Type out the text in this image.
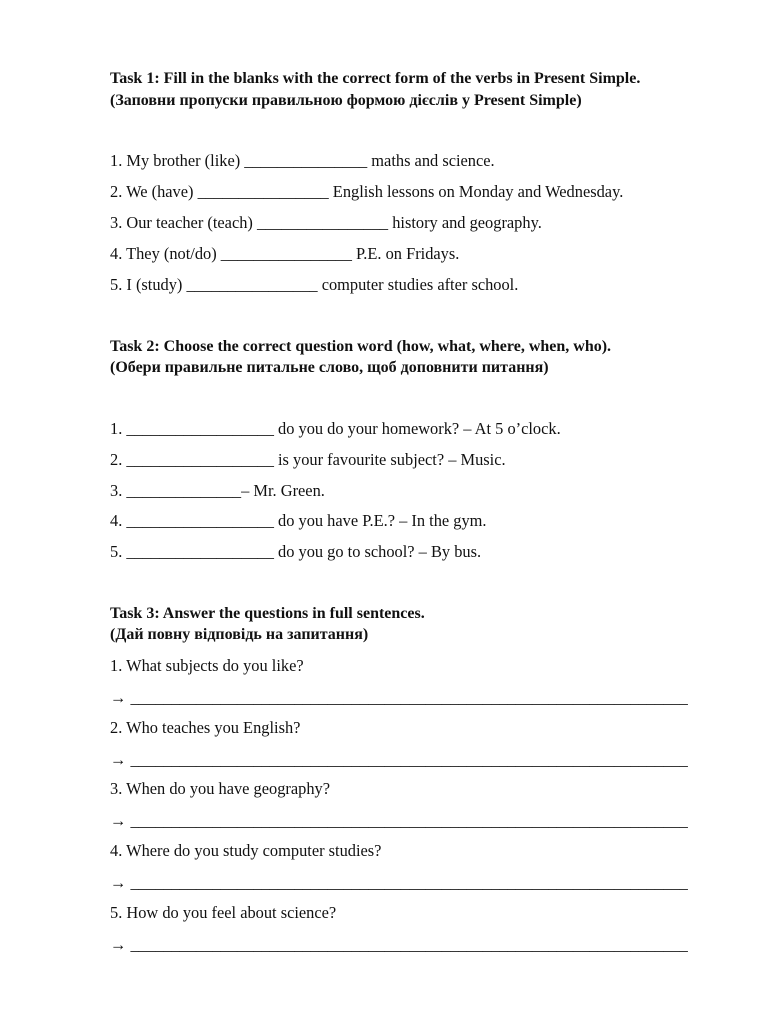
Task 1: Fill in the blanks with the correct form of the verbs in Present Simple.
(Заповни пропуски правильною формою дієслів у Present Simple)
1. My brother (like) _______________ maths and science.
2. We (have) ________________ English lessons on Monday and Wednesday.
3. Our teacher (teach) ________________ history and geography.
4. They (not/do) ________________ P.E. on Fridays.
5. I (study) ________________ computer studies after school.
Task 2: Choose the correct question word (how, what, where, when, who).
(Обери правильне питальне слово, щоб доповнити питання)
1. __________________ do you do your homework? – At 5 o’clock.
2. __________________ is your favourite subject? – Music.
3. ______________– Mr. Green.
4. __________________ do you have P.E.? – In the gym.
5. __________________ do you go to school? – By bus.
Task 3: Answer the questions in full sentences.
(Дай повну відповідь на запитання)
1. What subjects do you like?
→ ____________________________________________________________________
2. Who teaches you English?
→ ____________________________________________________________________
3. When do you have geography?
→ ____________________________________________________________________
4. Where do you study computer studies?
→ ____________________________________________________________________
5. How do you feel about science?
→ ____________________________________________________________________
